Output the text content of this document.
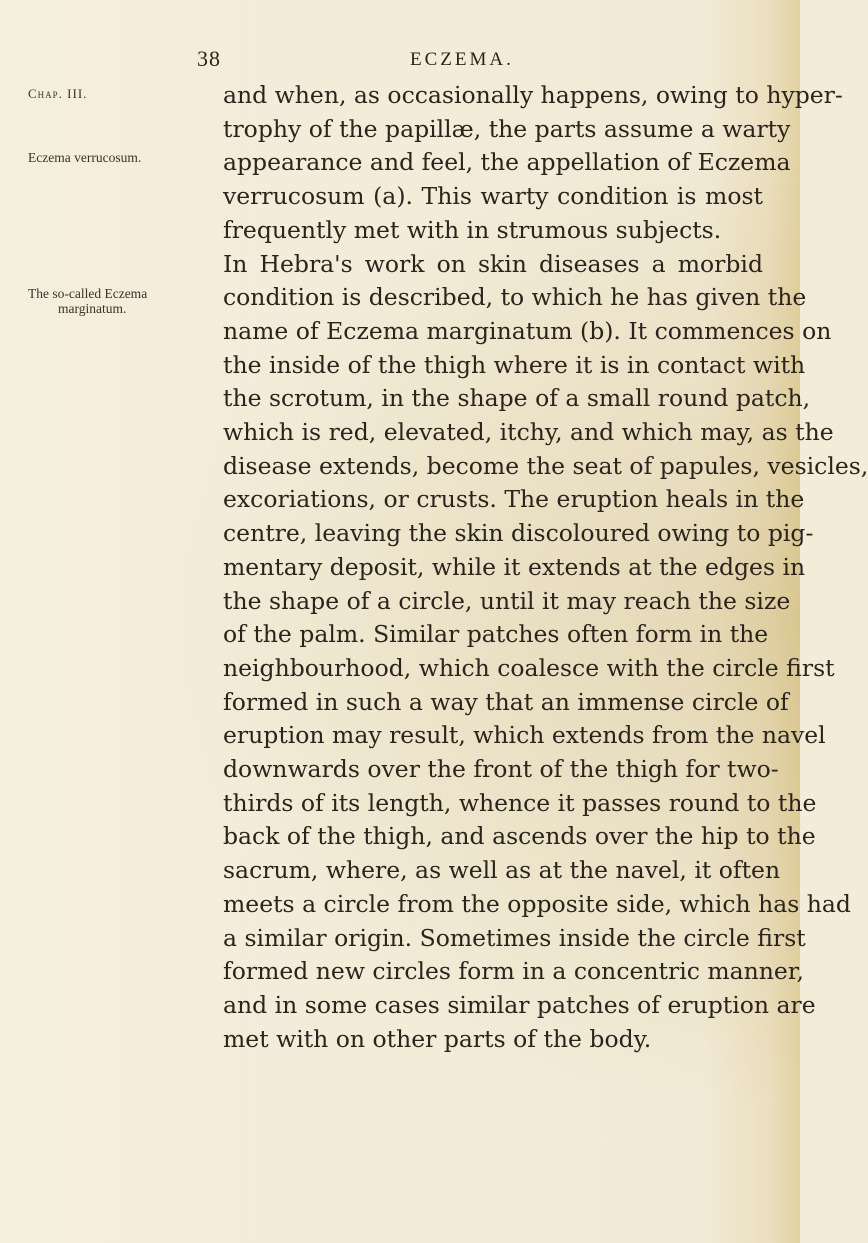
38	ECZEMA.

Chap. III.

Eczema verrucosum.

The so-called Eczema
marginatum.

and when, as occasionally happens, owing to hyper-
trophy of the papillæ, the parts assume a warty
appearance and feel, the appellation of Eczema
verrucosum (a). This warty condition is most
frequently met with in strumous subjects.
In Hebra's work on skin diseases a morbid
condition is described, to which he has given the
name of Eczema marginatum (b). It commences on
the inside of the thigh where it is in contact with
the scrotum, in the shape of a small round patch,
which is red, elevated, itchy, and which may, as the
disease extends, become the seat of papules, vesicles,
excoriations, or crusts. The eruption heals in the
centre, leaving the skin discoloured owing to pig-
mentary deposit, while it extends at the edges in
the shape of a circle, until it may reach the size
of the palm. Similar patches often form in the
neighbourhood, which coalesce with the circle first
formed in such a way that an immense circle of
eruption may result, which extends from the navel
downwards over the front of the thigh for two-
thirds of its length, whence it passes round to the
back of the thigh, and ascends over the hip to the
sacrum, where, as well as at the navel, it often
meets a circle from the opposite side, which has had
a similar origin. Sometimes inside the circle first
formed new circles form in a concentric manner,
and in some cases similar patches of eruption are
met with on other parts of the body.
